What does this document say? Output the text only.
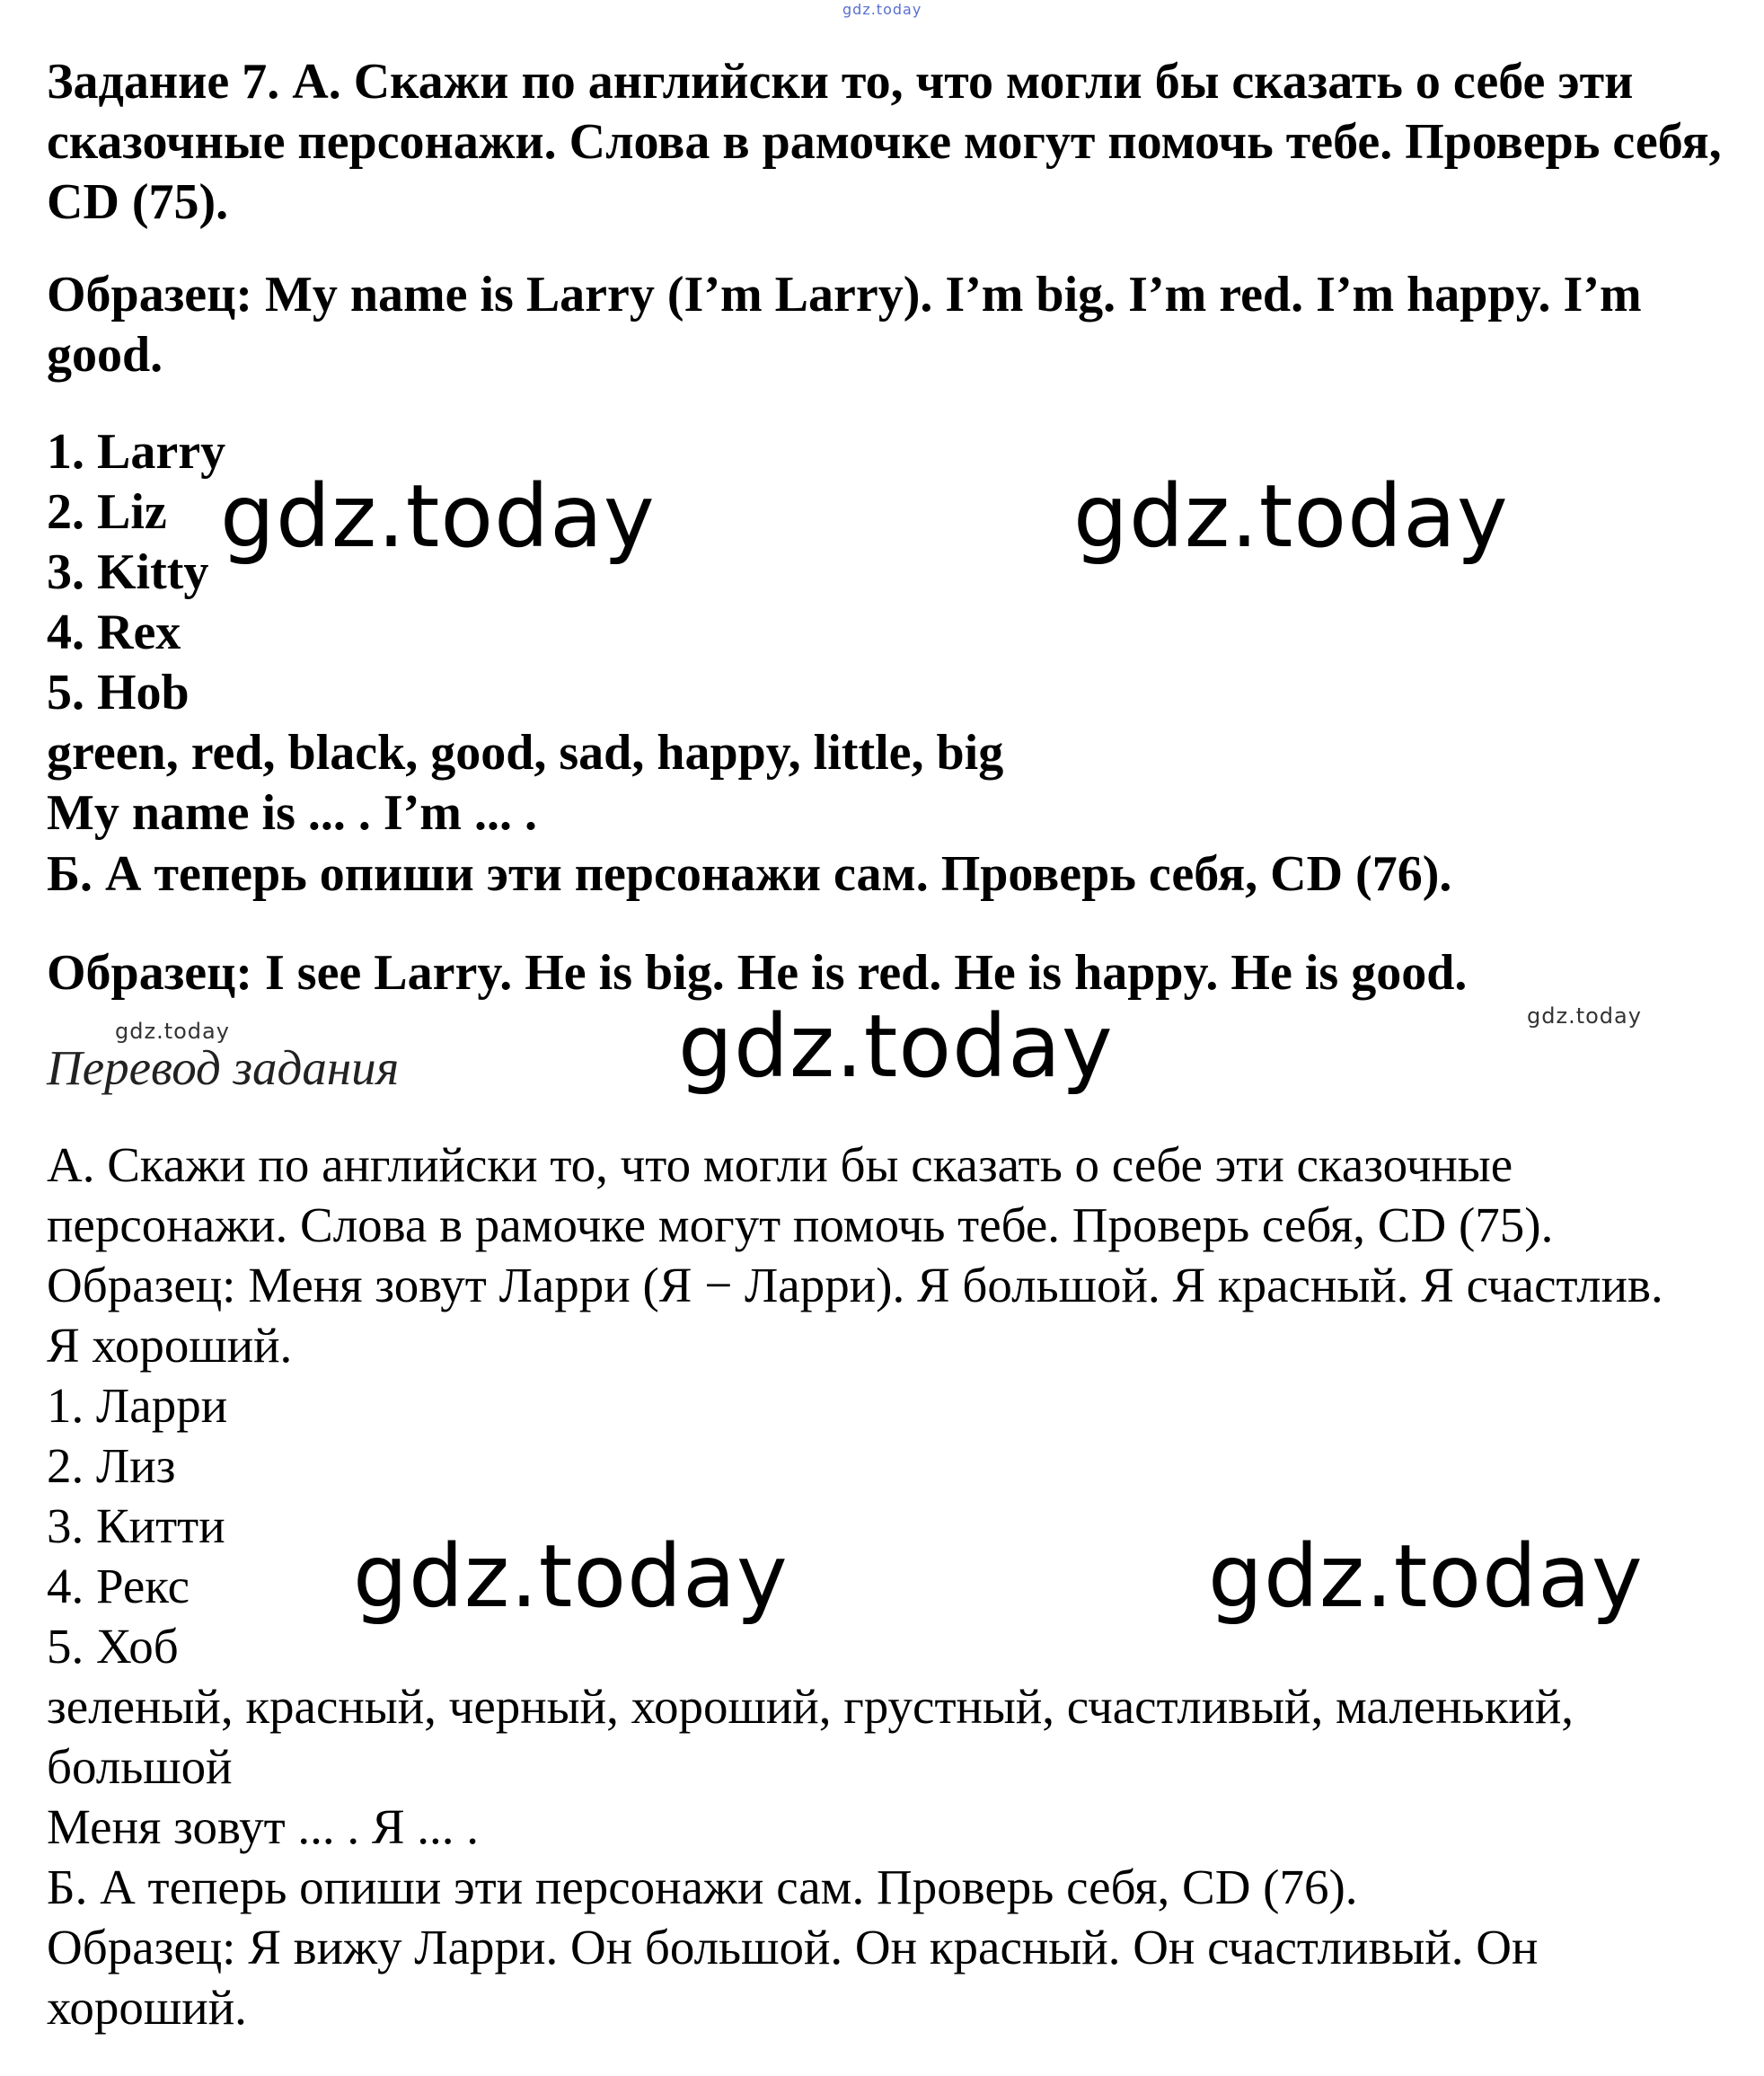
gdz.today
gdz.today	gdz.today
gdz.today	gdz.today	gdz.today
gdz.today	gdz.today

Задание 7. А. Скажи по английски то, что могли бы сказать о себе эти сказочные персонажи. Слова в рамочке могут помочь тебе. Проверь себя, CD (75).

Образец: My name is Larry (I’m Larry). I’m big. I’m red. I’m happy. I’m good.

1. Larry
2. Liz
3. Kitty
4. Rex
5. Hob

green, red, black, good, sad, happy, little, big

My name is ... . I’m ... .

Б. А теперь опиши эти персонажи сам. Проверь себя, CD (76).

Образец: I see Larry. He is big. He is red. He is happy. He is good.

Перевод задания

А. Скажи по английски то, что могли бы сказать о себе эти сказочные
персонажи. Слова в рамочке могут помочь тебе. Проверь себя, CD (75).
Образец: Меня зовут Ларри (Я − Ларри). Я большой. Я красный. Я счастлив.
Я хороший.
1. Ларри
2. Лиз
3. Китти
4. Рекс
5. Хоб
зеленый, красный, черный, хороший, грустный, счастливый, маленький,
большой
Меня зовут ... . Я ... .
Б. А теперь опиши эти персонажи сам. Проверь себя, CD (76).
Образец: Я вижу Ларри. Он большой. Он красный. Он счастливый. Он
хороший.
